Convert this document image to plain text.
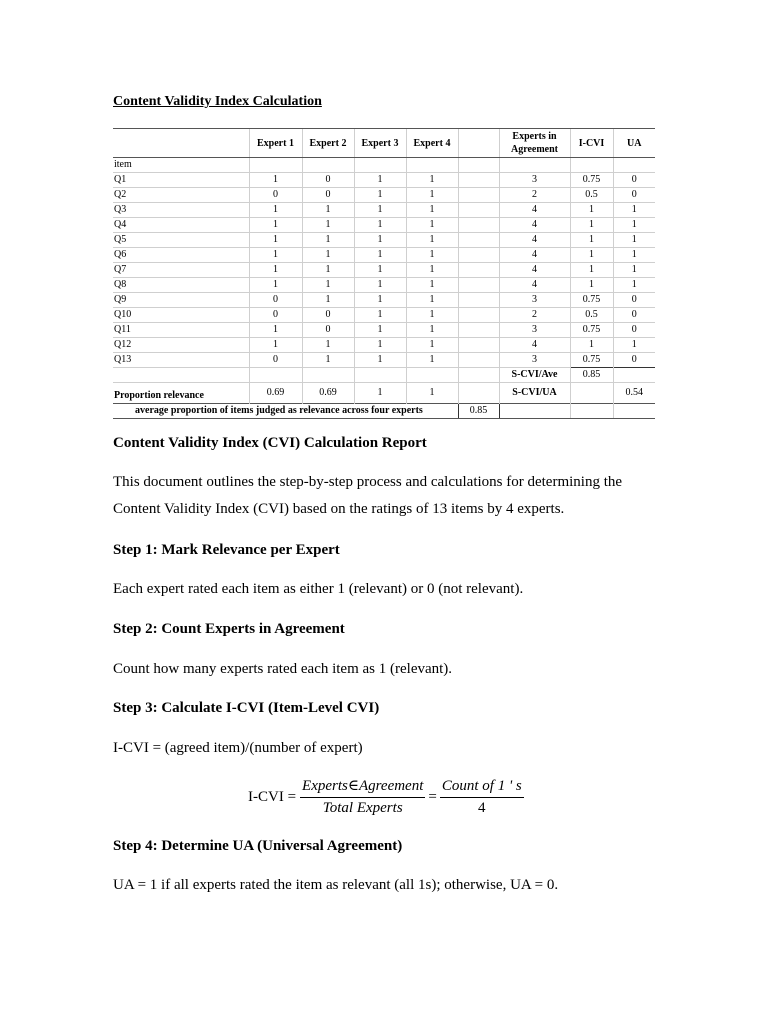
Content Validity Index Calculation
	Expert 1	Expert 2	Expert 3	Expert 4		Experts in Agreement	I-CVI	UA
item								
Q1	1	0	1	1		3	0.75	0
Q2	0	0	1	1		2	0.5	0
Q3	1	1	1	1		4	1	1
Q4	1	1	1	1		4	1	1
Q5	1	1	1	1		4	1	1
Q6	1	1	1	1		4	1	1
Q7	1	1	1	1		4	1	1
Q8	1	1	1	1		4	1	1
Q9	0	1	1	1		3	0.75	0
Q10	0	0	1	1		2	0.5	0
Q11	1	0	1	1		3	0.75	0
Q12	1	1	1	1		4	1	1
Q13	0	1	1	1		3	0.75	0
						S-CVI/Ave	0.85	
Proportion relevance	0.69	0.69	1	1		S-CVI/UA		0.54
average proportion of items judged as relevance across four experts					0.85			
Content Validity Index (CVI) Calculation Report
This document outlines the step-by-step process and calculations for determining the Content Validity Index (CVI) based on the ratings of 13 items by 4 experts.
Step 1: Mark Relevance per Expert
Each expert rated each item as either 1 (relevant) or 0 (not relevant).
Step 2: Count Experts in Agreement
Count how many experts rated each item as 1 (relevant).
Step 3: Calculate I-CVI (Item-Level CVI)
I-CVI = (agreed item)/(number of expert)
$I-CVI = \frac{\text{Experts∈Agreement}}{\text{Total Experts}} = \frac{\text{Count of 1 ' s}}{4}$
Step 4: Determine UA (Universal Agreement)
UA = 1 if all experts rated the item as relevant (all 1s); otherwise, UA = 0.
